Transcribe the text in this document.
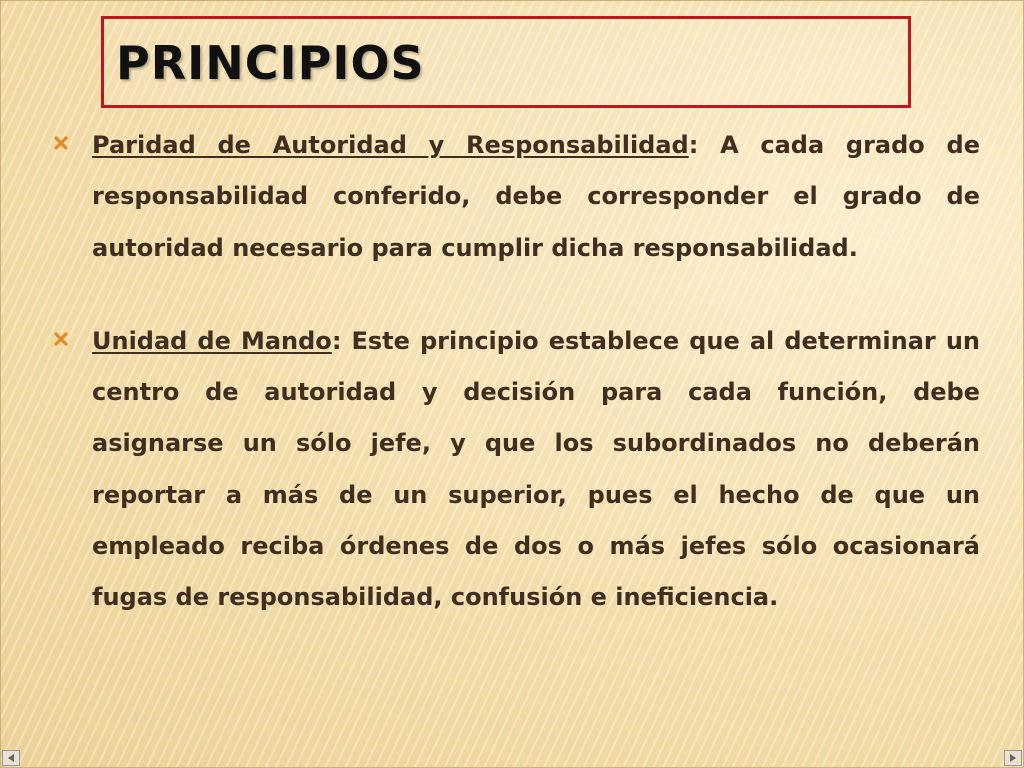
PRINCIPIOS
Paridad de Autoridad y Responsabilidad: A cada grado de responsabilidad conferido, debe corresponder el grado de autoridad necesario para cumplir dicha responsabilidad.
Unidad de Mando: Este principio establece que al determinar un centro de autoridad y decisión para cada función, debe asignarse un sólo jefe, y que los subordinados no deberán reportar a más de un superior, pues el hecho de que un empleado reciba órdenes de dos o más jefes sólo ocasionará fugas de responsabilidad, confusión e ineficiencia.
